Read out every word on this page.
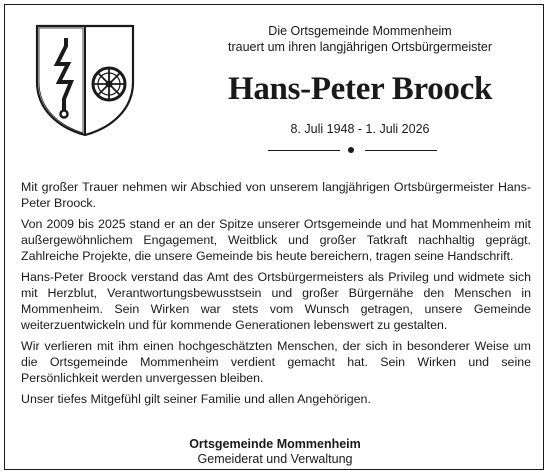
Die Ortsgemeinde Mommenheim
trauert um ihren langjährigen Ortsbürgermeister
Hans-Peter Broock
8. Juli 1948 - 1. Juli 2026

Mit großer Trauer nehmen wir Abschied von unserem langjährigen Ortsbürgermeister Hans-Peter Broock.

Von 2009 bis 2025 stand er an der Spitze unserer Ortsgemeinde und hat Mommenheim mit außergewöhnlichem Engagement, Weitblick und großer Tatkraft nachhaltig geprägt. Zahlreiche Projekte, die unsere Gemeinde bis heute bereichern, tragen seine Handschrift.

Hans-Peter Broock verstand das Amt des Ortsbürgermeisters als Privileg und widmete sich mit Herzblut, Verantwortungsbewusstsein und großer Bürgernähe den Menschen in Mommenheim. Sein Wirken war stets vom Wunsch getragen, unsere Gemeinde weiterzuentwickeln und für kommende Generationen lebenswert zu gestalten.

Wir verlieren mit ihm einen hochgeschätzten Menschen, der sich in besonderer Weise um die Ortsgemeinde Mommenheim verdient gemacht hat. Sein Wirken und seine Persönlichkeit werden unvergessen bleiben.

Unser tiefes Mitgefühl gilt seiner Familie und allen Angehörigen.

Ortsgemeinde Mommenheim
Gemeiderat und Verwaltung
